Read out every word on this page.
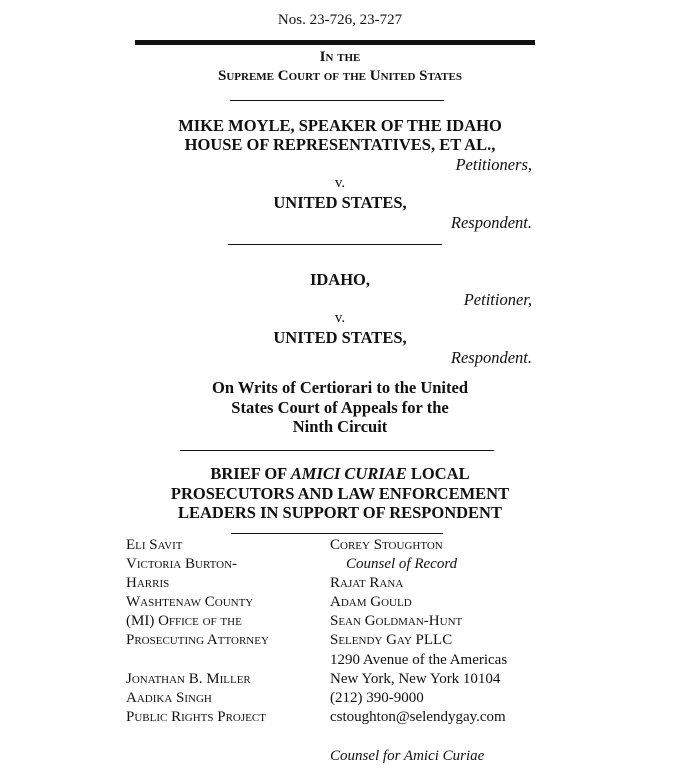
Nos. 23-726, 23-727
In the
Supreme Court of the United States
MIKE MOYLE, SPEAKER OF THE IDAHO
HOUSE OF REPRESENTATIVES, ET AL.,
Petitioners,
v.
UNITED STATES,
Respondent.
IDAHO,
Petitioner,
v.
UNITED STATES,
Respondent.
On Writs of Certiorari to the United
States Court of Appeals for the
Ninth Circuit
BRIEF OF AMICI CURIAE LOCAL
PROSECUTORS AND LAW ENFORCEMENT
LEADERS IN SUPPORT OF RESPONDENT
Eli Savit
Victoria Burton-
Harris
Washtenaw County
(MI) Office of the
Prosecuting Attorney
Jonathan B. Miller
Aadika Singh
Public Rights Project
Corey Stoughton
Counsel of Record
Rajat Rana
Adam Gould
Sean Goldman-Hunt
Selendy Gay PLLC
1290 Avenue of the Americas
New York, New York 10104
(212) 390-9000
cstoughton@selendygay.com
Counsel for Amici Curiae
